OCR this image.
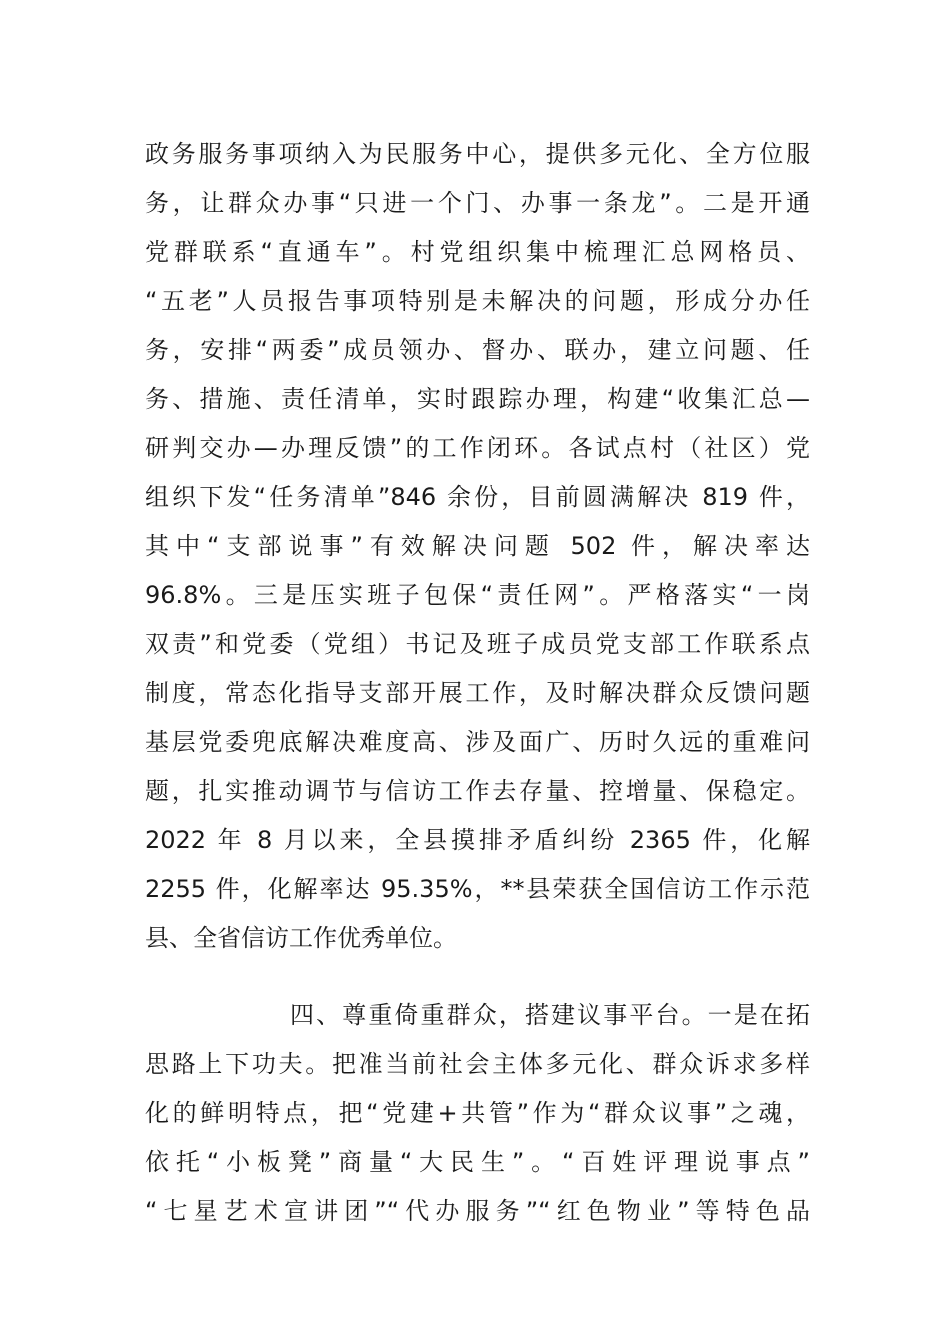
政务服务事项纳入为民服务中心，提供多元化、全方位服
务，让群众办事“只进一个门、办事一条龙”。二是开通
党群联系“直通车”。村党组织集中梳理汇总网格员、
“五老”人员报告事项特别是未解决的问题，形成分办任
务，安排“两委”成员领办、督办、联办，建立问题、任
务、措施、责任清单，实时跟踪办理，构建“收集汇总—
研判交办—办理反馈”的工作闭环。各试点村（社区）党
组织下发“任务清单”846 余份，目前圆满解决 819 件，
其中“支部说事”有效解决问题 502 件，解决率达
96.8%。三是压实班子包保“责任网”。严格落实“一岗
双责”和党委（党组）书记及班子成员党支部工作联系点
制度，常态化指导支部开展工作，及时解决群众反馈问题
基层党委兜底解决难度高、涉及面广、历时久远的重难问
题，扎实推动调节与信访工作去存量、控增量、保稳定。
2022 年 8 月以来，全县摸排矛盾纠纷 2365 件，化解
2255 件，化解率达 95.35%，**县荣获全国信访工作示范
县、全省信访工作优秀单位。
四、尊重倚重群众，搭建议事平台。一是在拓
思路上下功夫。把准当前社会主体多元化、群众诉求多样
化的鲜明特点，把“党建+共管”作为“群众议事”之魂，
依托“小板凳”商量“大民生”。“百姓评理说事点”
“七星艺术宣讲团”“代办服务”“红色物业”等特色品
